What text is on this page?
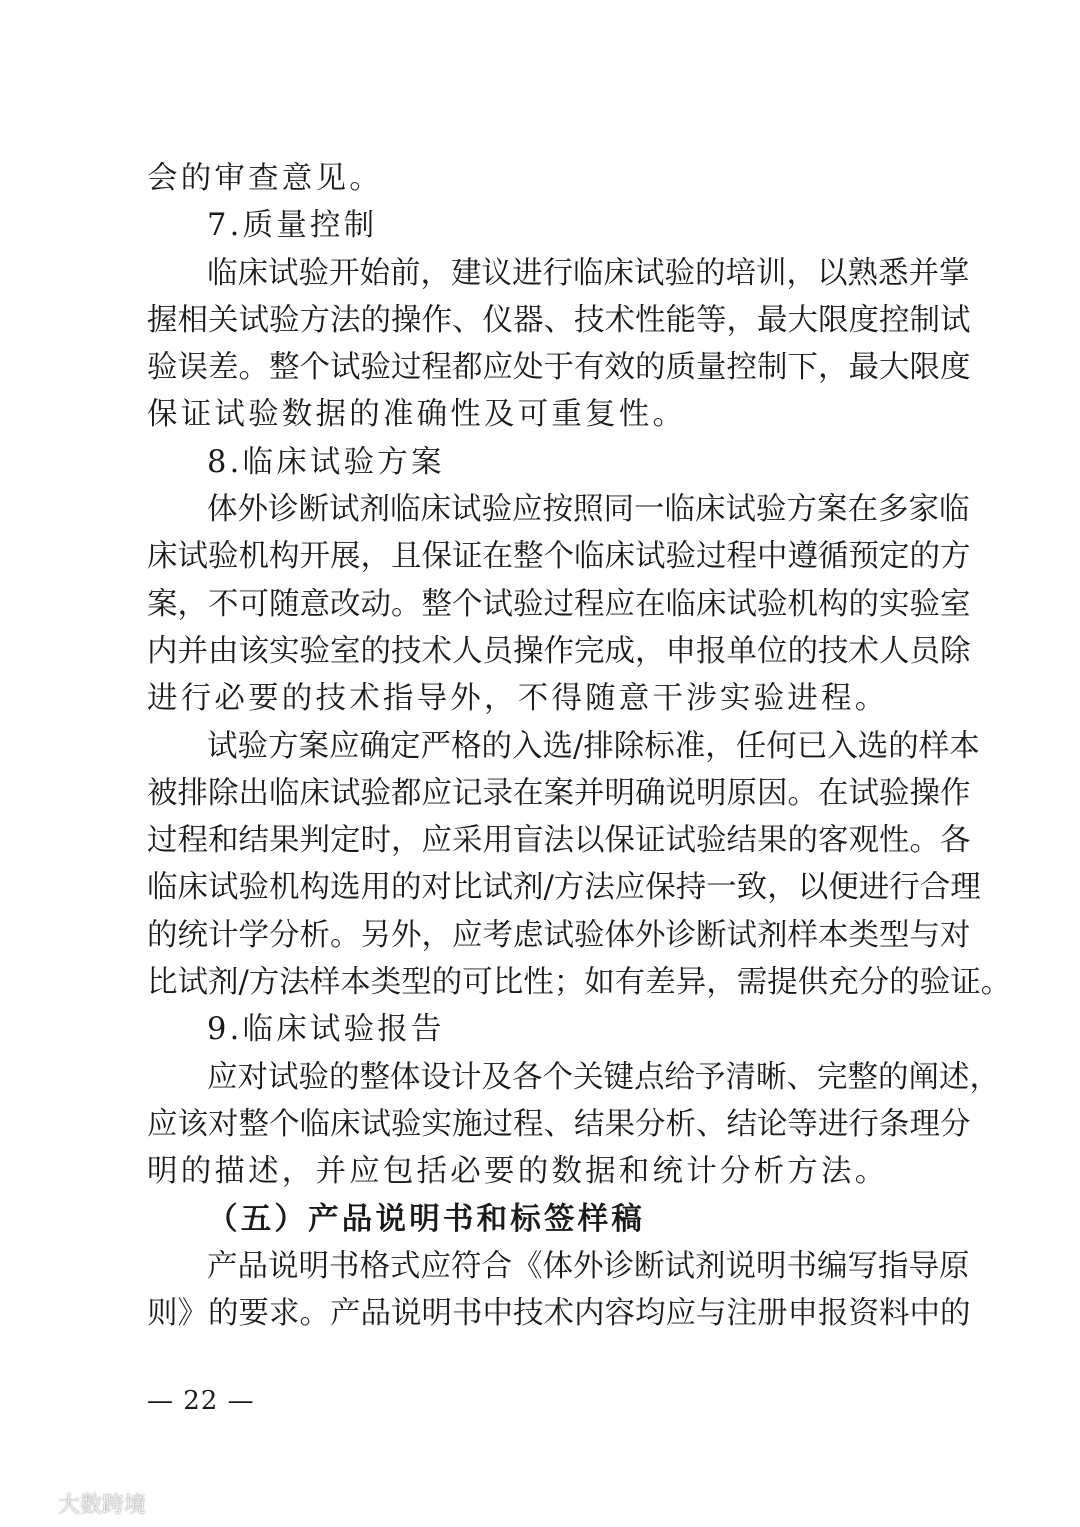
会的审查意见。

7.质量控制

临床试验开始前，建议进行临床试验的培训，以熟悉并掌

握相关试验方法的操作、仪器、技术性能等，最大限度控制试

验误差。整个试验过程都应处于有效的质量控制下，最大限度

保证试验数据的准确性及可重复性。

8.临床试验方案

体外诊断试剂临床试验应按照同一临床试验方案在多家临

床试验机构开展，且保证在整个临床试验过程中遵循预定的方

案，不可随意改动。整个试验过程应在临床试验机构的实验室

内并由该实验室的技术人员操作完成，申报单位的技术人员除

进行必要的技术指导外，不得随意干涉实验进程。

试验方案应确定严格的入选/排除标准，任何已入选的样本

被排除出临床试验都应记录在案并明确说明原因。在试验操作

过程和结果判定时，应采用盲法以保证试验结果的客观性。各

临床试验机构选用的对比试剂/方法应保持一致，以便进行合理

的统计学分析。另外，应考虑试验体外诊断试剂样本类型与对

比试剂/方法样本类型的可比性；如有差异，需提供充分的验证。

9.临床试验报告

应对试验的整体设计及各个关键点给予清晰、完整的阐述，

应该对整个临床试验实施过程、结果分析、结论等进行条理分

明的描述，并应包括必要的数据和统计分析方法。

（五）产品说明书和标签样稿

产品说明书格式应符合《体外诊断试剂说明书编写指导原

则》的要求。产品说明书中技术内容均应与注册申报资料中的

— 22 —
大数跨境
